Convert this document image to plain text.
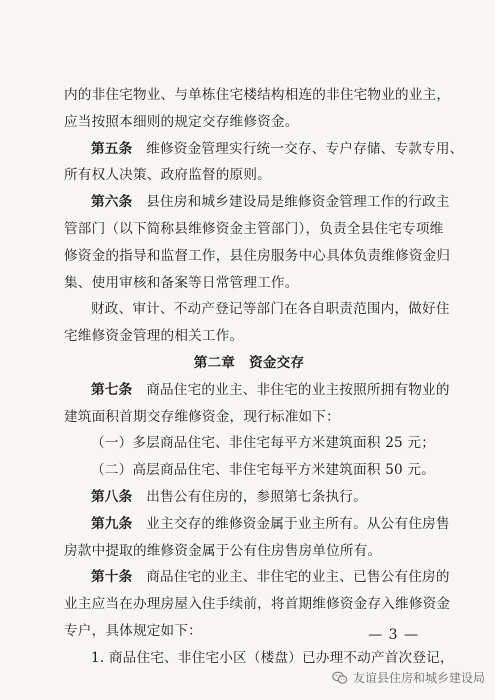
内的非住宅物业、与单栋住宅楼结构相连的非住宅物业的业主，
应当按照本细则的规定交存维修资金。
第五条　 维修资金管理实行统一交存、专户存储、专款专用、
所有权人决策、政府监督的原则。
第六条　 县住房和城乡建设局是维修资金管理工作的行政主
管部门（以下简称县维修资金主管部门），负责全县住宅专项维
修资金的指导和监督工作，县住房服务中心具体负责维修资金归
集、使用审核和备案等日常管理工作。
财政、审计、不动产登记等部门在各自职责范围内，做好住
宅维修资金管理的相关工作。
第二章 资金交存
第七条　 商品住宅的业主、非住宅的业主按照所拥有物业的
建筑面积首期交存维修资金，现行标准如下：
（一）多层商品住宅、非住宅每平方米建筑面积 25 元；
（二）高层商品住宅、非住宅每平方米建筑面积 50 元。
第八条　 出售公有住房的，参照第七条执行。
第九条　 业主交存的维修资金属于业主所有。从公有住房售
房款中提取的维修资金属于公有住房售房单位所有。
第十条　 商品住宅的业主、非住宅的业主、已售公有住房的
业主应当在办理房屋入住手续前，将首期维修资金存入维修资金
专户，具体规定如下：
1. 商品住宅、非住宅小区（楼盘）已办理不动产首次登记，
— 3 —
友谊县住房和城乡建设局
